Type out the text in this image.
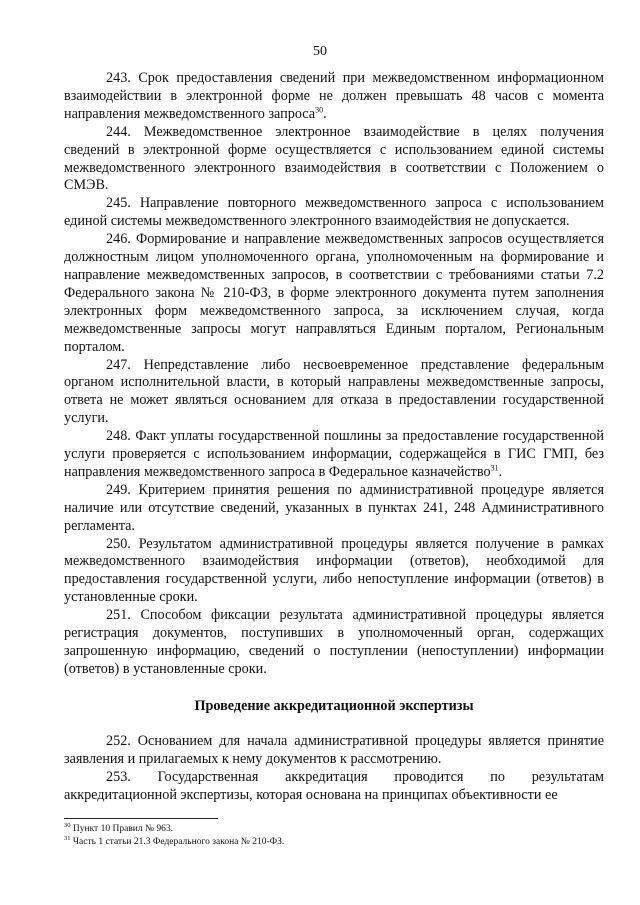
50

243. Срок предоставления сведений при межведомственном информационном взаимодействии в электронной форме не должен превышать 48 часов с момента направления межведомственного запроса$^{30}$.

244. Межведомственное электронное взаимодействие в целях получения сведений в электронной форме осуществляется с использованием единой системы межведомственного электронного взаимодействия в соответствии с Положением о СМЭВ.

245. Направление повторного межведомственного запроса с использованием единой системы межведомственного электронного взаимодействия не допускается.

246. Формирование и направление межведомственных запросов осуществляется должностным лицом уполномоченного органа, уполномоченным на формирование и направление межведомственных запросов, в соответствии с требованиями статьи 7.2 Федерального закона № 210-ФЗ, в форме электронного документа путем заполнения электронных форм межведомственного запроса, за исключением случая, когда межведомственные запросы могут направляться Единым порталом, Региональным порталом.

247. Непредставление либо несвоевременное представление федеральным органом исполнительной власти, в который направлены межведомственные запросы, ответа не может являться основанием для отказа в предоставлении государственной услуги.

248. Факт уплаты государственной пошлины за предоставление государственной услуги проверяется с использованием информации, содержащейся в ГИС ГМП, без направления межведомственного запроса в Федеральное казначейство$^{31}$.

249. Критерием принятия решения по административной процедуре является наличие или отсутствие сведений, указанных в пунктах 241, 248 Административного регламента.

250. Результатом административной процедуры является получение в рамках межведомственного взаимодействия информации (ответов), необходимой для предоставления государственной услуги, либо непоступление информации (ответов) в установленные сроки.

251. Способом фиксации результата административной процедуры является регистрация документов, поступивших в уполномоченный орган, содержащих запрошенную информацию, сведений о поступлении (непоступлении) информации (ответов) в установленные сроки.

Проведение аккредитационной экспертизы

252. Основанием для начала административной процедуры является принятие заявления и прилагаемых к нему документов к рассмотрению.

253. Государственная аккредитация проводится по результатам аккредитационной экспертизы, которая основана на принципах объективности ее

$^{30}$ Пункт 10 Правил № 963.

$^{31}$ Часть 1 статьи 21.3 Федерального закона № 210-ФЗ.
